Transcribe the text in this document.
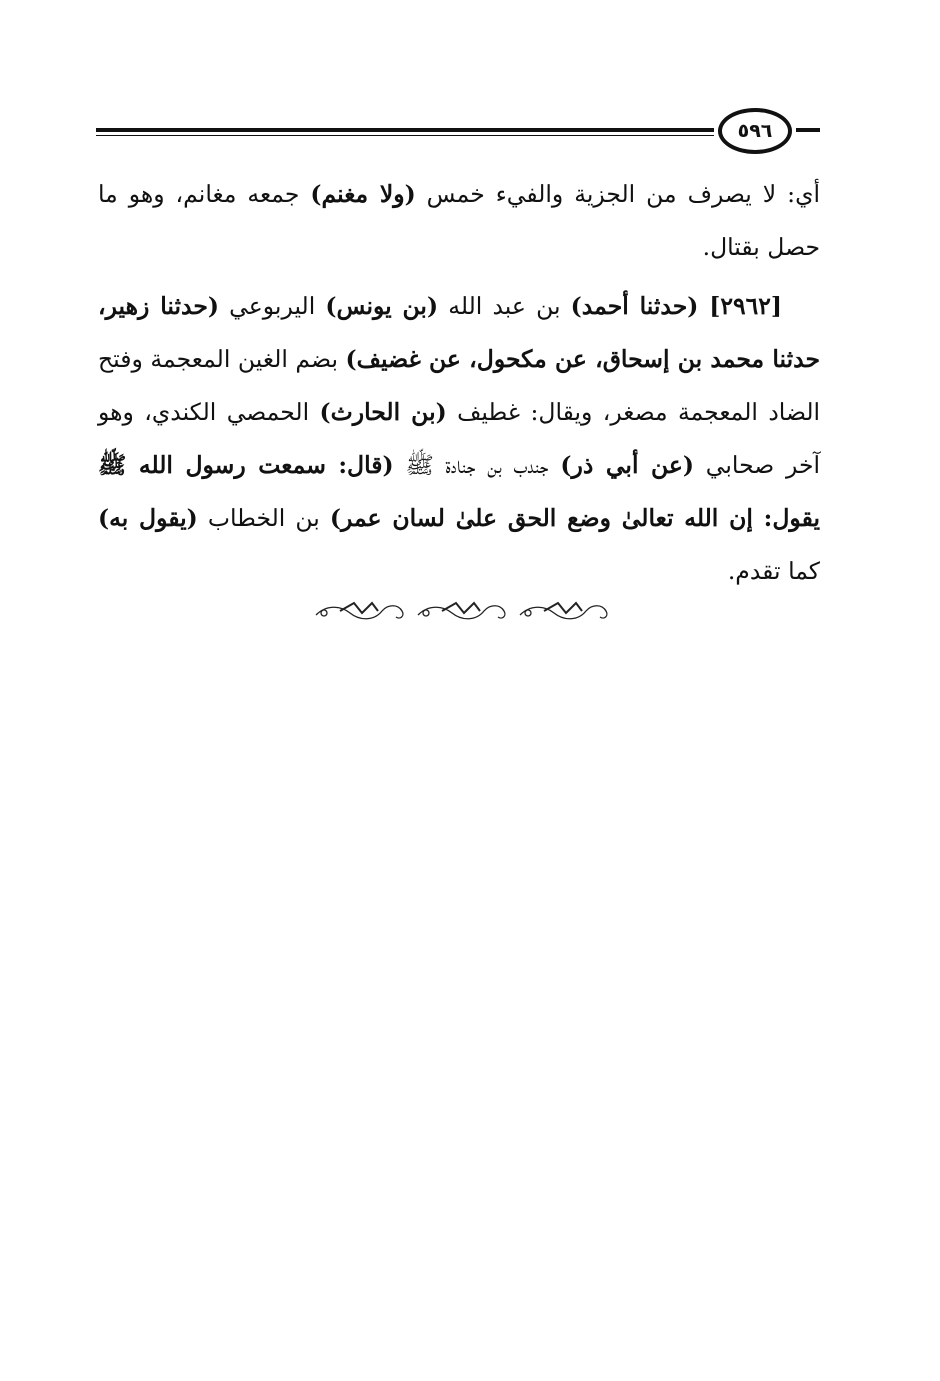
٥٩٦

أي: لا يصرف من الجزية والفيء خمس (ولا مغنم) جمعه مغانم، وهو ما حصل بقتال.

[٢٩٦٢] (حدثنا أحمد) بن عبد الله (بن يونس) اليربوعي (حدثنا زهير، حدثنا محمد بن إسحاق، عن مكحول، عن غضيف) بضم الغين المعجمة وفتح الضاد المعجمة مصغر، ويقال: غطيف (بن الحارث) الحمصي الكندي، وهو آخر صحابي (عن أبي ذر) جندب بن جنادة ﷺ (قال: سمعت رسول الله ﷺ يقول: إن الله تعالىٰ وضع الحق علىٰ لسان عمر) بن الخطاب (يقول به) كما تقدم.
